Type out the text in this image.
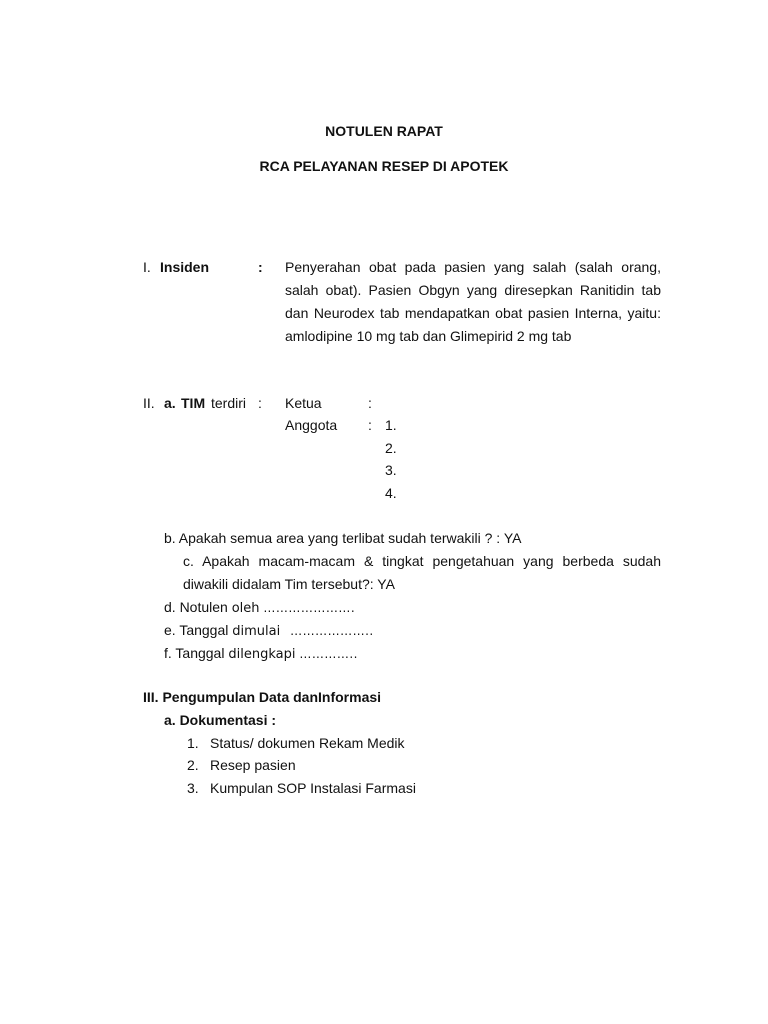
NOTULEN RAPAT
RCA PELAYANAN RESEP DI APOTEK
I. Insiden	: Penyerahan obat pada pasien yang salah (salah orang, salah obat). Pasien Obgyn yang diresepkan Ranitidin tab dan Neurodex tab mendapatkan obat pasien Interna, yaitu: amlodipine 10 mg tab dan Glimepirid 2 mg tab
II. a. TIM terdiri : Ketua	:
Anggota : 1.
2.
3.
4.
b. Apakah semua area yang terlibat sudah terwakili ? : YA
c. Apakah macam-macam & tingkat pengetahuan yang berbeda sudah
diwakili didalam Tim tersebut?: YA
d. Notulen oleh ………………….
e. Tanggal dimulai ………………..
f. Tanggal dilengkapi …………..
III. Pengumpulan Data danInformasi
a. Dokumentasi :
1. Status/ dokumen Rekam Medik
2. Resep pasien
3. Kumpulan SOP Instalasi Farmasi
